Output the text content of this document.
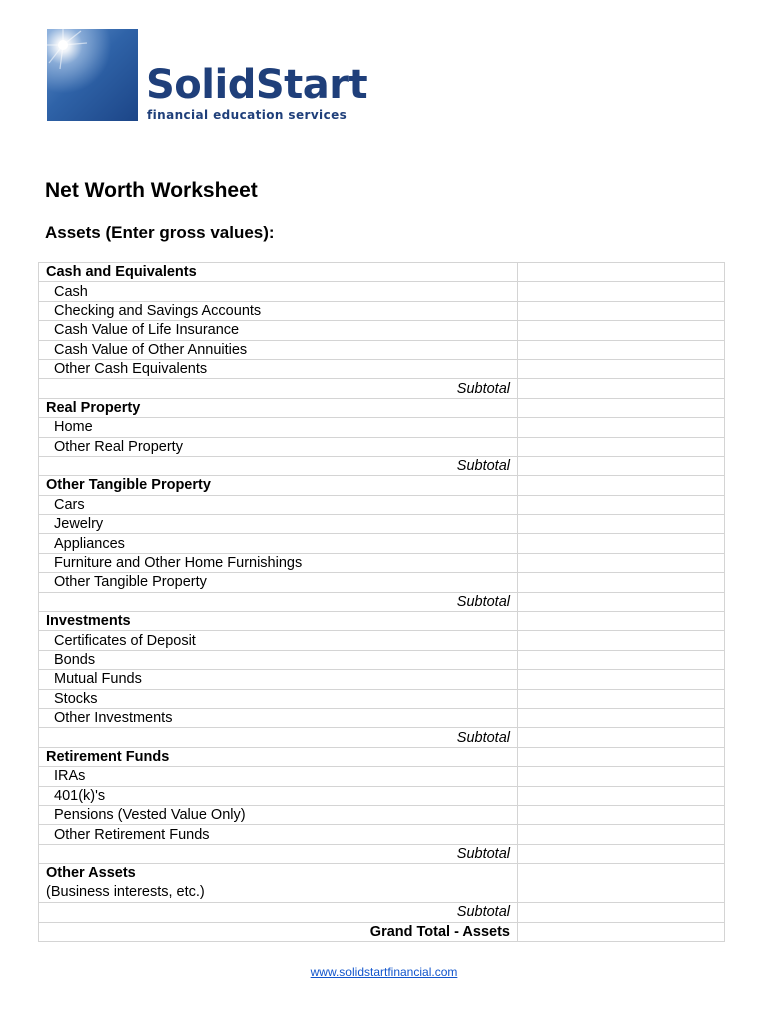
SolidStart
financial education services
Net Worth Worksheet
Assets (Enter gross values):
Cash and Equivalents	
Cash	
Checking and Savings Accounts	
Cash Value of Life Insurance	
Cash Value of Other Annuities	
Other Cash Equivalents	
Subtotal	
Real Property	
Home	
Other Real Property	
Subtotal	
Other Tangible Property	
Cars	
Jewelry	
Appliances	
Furniture and Other Home Furnishings	
Other Tangible Property	
Subtotal	
Investments	
Certificates of Deposit	
Bonds	
Mutual Funds	
Stocks	
Other Investments	
Subtotal	
Retirement Funds	
IRAs	
401(k)'s	
Pensions (Vested Value Only)	
Other Retirement Funds	
Subtotal	

Other Assets
(Business interests, etc.)	

Subtotal	
Grand Total - Assets	
www.solidstartfinancial.com
